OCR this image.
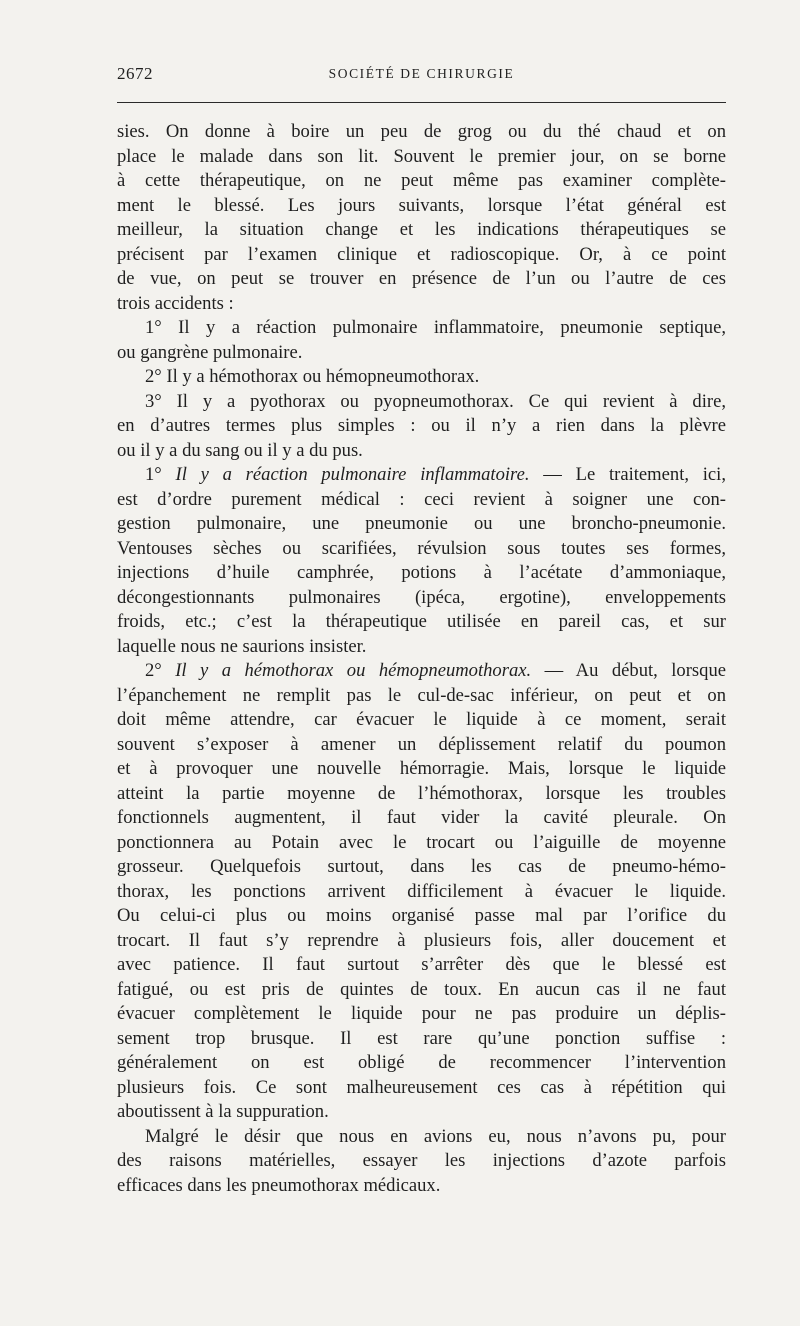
2672	SOCIÉTÉ DE CHIRURGIE

sies. On donne à boire un peu de grog ou du thé chaud et on

place le malade dans son lit. Souvent le premier jour, on se borne

à cette thérapeutique, on ne peut même pas examiner complète-

ment le blessé. Les jours suivants, lorsque l’état général est

meilleur, la situation change et les indications thérapeutiques se

précisent par l’examen clinique et radioscopique. Or, à ce point

de vue, on peut se trouver en présence de l’un ou l’autre de ces

trois accidents :

1° Il y a réaction pulmonaire inflammatoire, pneumonie septique,

ou gangrène pulmonaire.

2° Il y a hémothorax ou hémopneumothorax.

3° Il y a pyothorax ou pyopneumothorax. Ce qui revient à dire,

en d’autres termes plus simples : ou il n’y a rien dans la plèvre

ou il y a du sang ou il y a du pus.

1° Il y a réaction pulmonaire inflammatoire. — Le traitement, ici,

est d’ordre purement médical : ceci revient à soigner une con-

gestion pulmonaire, une pneumonie ou une broncho-pneumonie.

Ventouses sèches ou scarifiées, révulsion sous toutes ses formes,

injections d’huile camphrée, potions à l’acétate d’ammoniaque,

décongestionnants pulmonaires (ipéca, ergotine), enveloppements

froids, etc.; c’est la thérapeutique utilisée en pareil cas, et sur

laquelle nous ne saurions insister.

2° Il y a hémothorax ou hémopneumothorax. — Au début, lorsque

l’épanchement ne remplit pas le cul-de-sac inférieur, on peut et on

doit même attendre, car évacuer le liquide à ce moment, serait

souvent s’exposer à amener un déplissement relatif du poumon

et à provoquer une nouvelle hémorragie. Mais, lorsque le liquide

atteint la partie moyenne de l’hémothorax, lorsque les troubles

fonctionnels augmentent, il faut vider la cavité pleurale. On

ponctionnera au Potain avec le trocart ou l’aiguille de moyenne

grosseur. Quelquefois surtout, dans les cas de pneumo-hémo-

thorax, les ponctions arrivent difficilement à évacuer le liquide.

Ou celui-ci plus ou moins organisé passe mal par l’orifice du

trocart. Il faut s’y reprendre à plusieurs fois, aller doucement et

avec patience. Il faut surtout s’arrêter dès que le blessé est

fatigué, ou est pris de quintes de toux. En aucun cas il ne faut

évacuer complètement le liquide pour ne pas produire un déplis-

sement trop brusque. Il est rare qu’une ponction suffise :

généralement on est obligé de recommencer l’intervention

plusieurs fois. Ce sont malheureusement ces cas à répétition qui

aboutissent à la suppuration.

Malgré le désir que nous en avions eu, nous n’avons pu, pour

des raisons matérielles, essayer les injections d’azote parfois

efficaces dans les pneumothorax médicaux.
